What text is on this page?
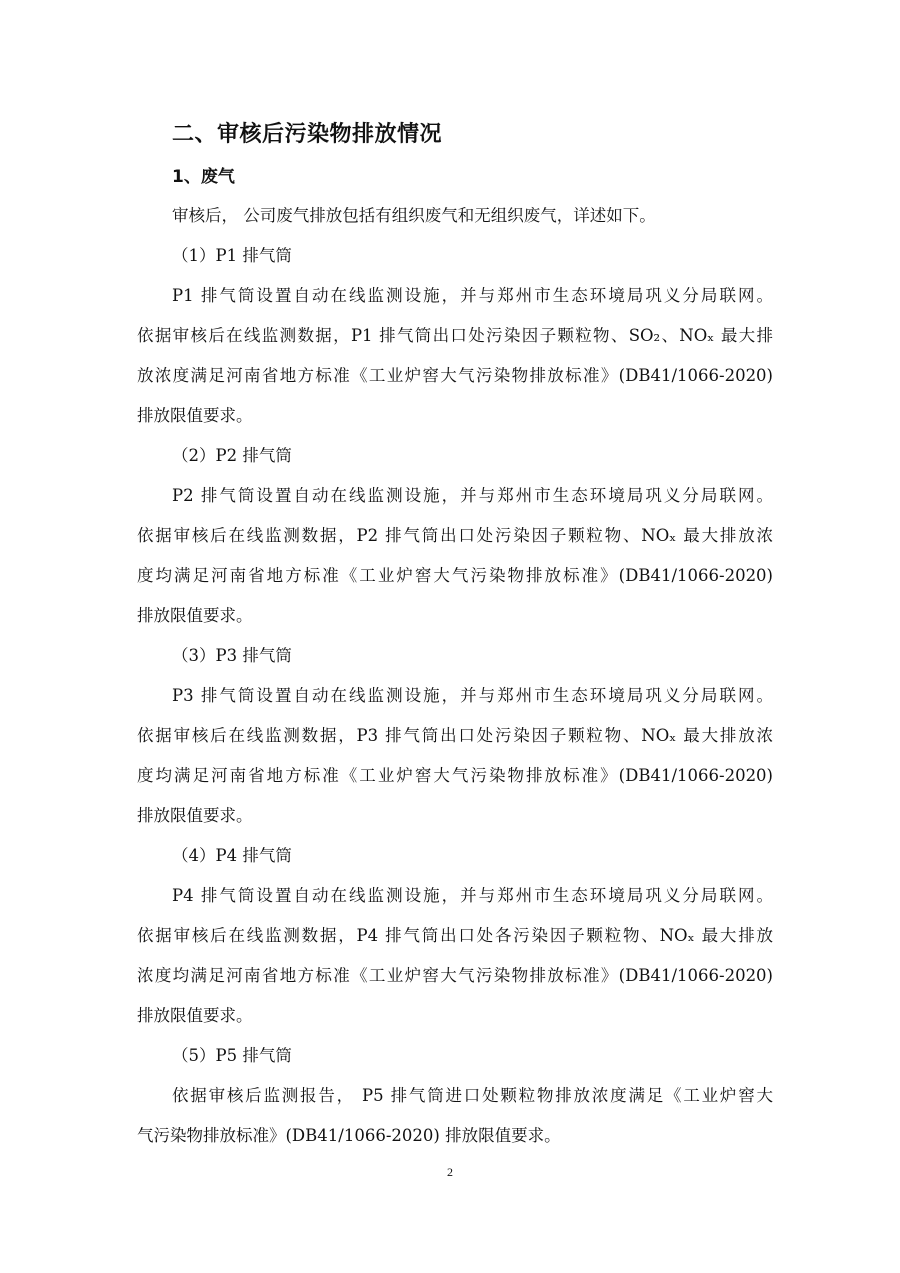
二、审核后污染物排放情况
1、废气
审核后， 公司废气排放包括有组织废气和无组织废气，详述如下。
（1）P1 排气筒
P1 排气筒设置自动在线监测设施，并与郑州市生态环境局巩义分局联网。
依据审核后在线监测数据，P1 排气筒出口处污染因子颗粒物、SO₂、NOₓ 最大排
放浓度满足河南省地方标准《工业炉窖大气污染物排放标准》(DB41/1066-2020)
排放限值要求。
（2）P2 排气筒
P2 排气筒设置自动在线监测设施，并与郑州市生态环境局巩义分局联网。
依据审核后在线监测数据，P2 排气筒出口处污染因子颗粒物、NOₓ 最大排放浓
度均满足河南省地方标准《工业炉窖大气污染物排放标准》(DB41/1066-2020)
排放限值要求。
（3）P3 排气筒
P3 排气筒设置自动在线监测设施，并与郑州市生态环境局巩义分局联网。
依据审核后在线监测数据，P3 排气筒出口处污染因子颗粒物、NOₓ 最大排放浓
度均满足河南省地方标准《工业炉窖大气污染物排放标准》(DB41/1066-2020)
排放限值要求。
（4）P4 排气筒
P4 排气筒设置自动在线监测设施，并与郑州市生态环境局巩义分局联网。
依据审核后在线监测数据，P4 排气筒出口处各污染因子颗粒物、NOₓ 最大排放
浓度均满足河南省地方标准《工业炉窖大气污染物排放标准》(DB41/1066-2020)
排放限值要求。
（5）P5 排气筒
依据审核后监测报告， P5 排气筒进口处颗粒物排放浓度满足《工业炉窖大
气污染物排放标准》(DB41/1066-2020) 排放限值要求。
2
